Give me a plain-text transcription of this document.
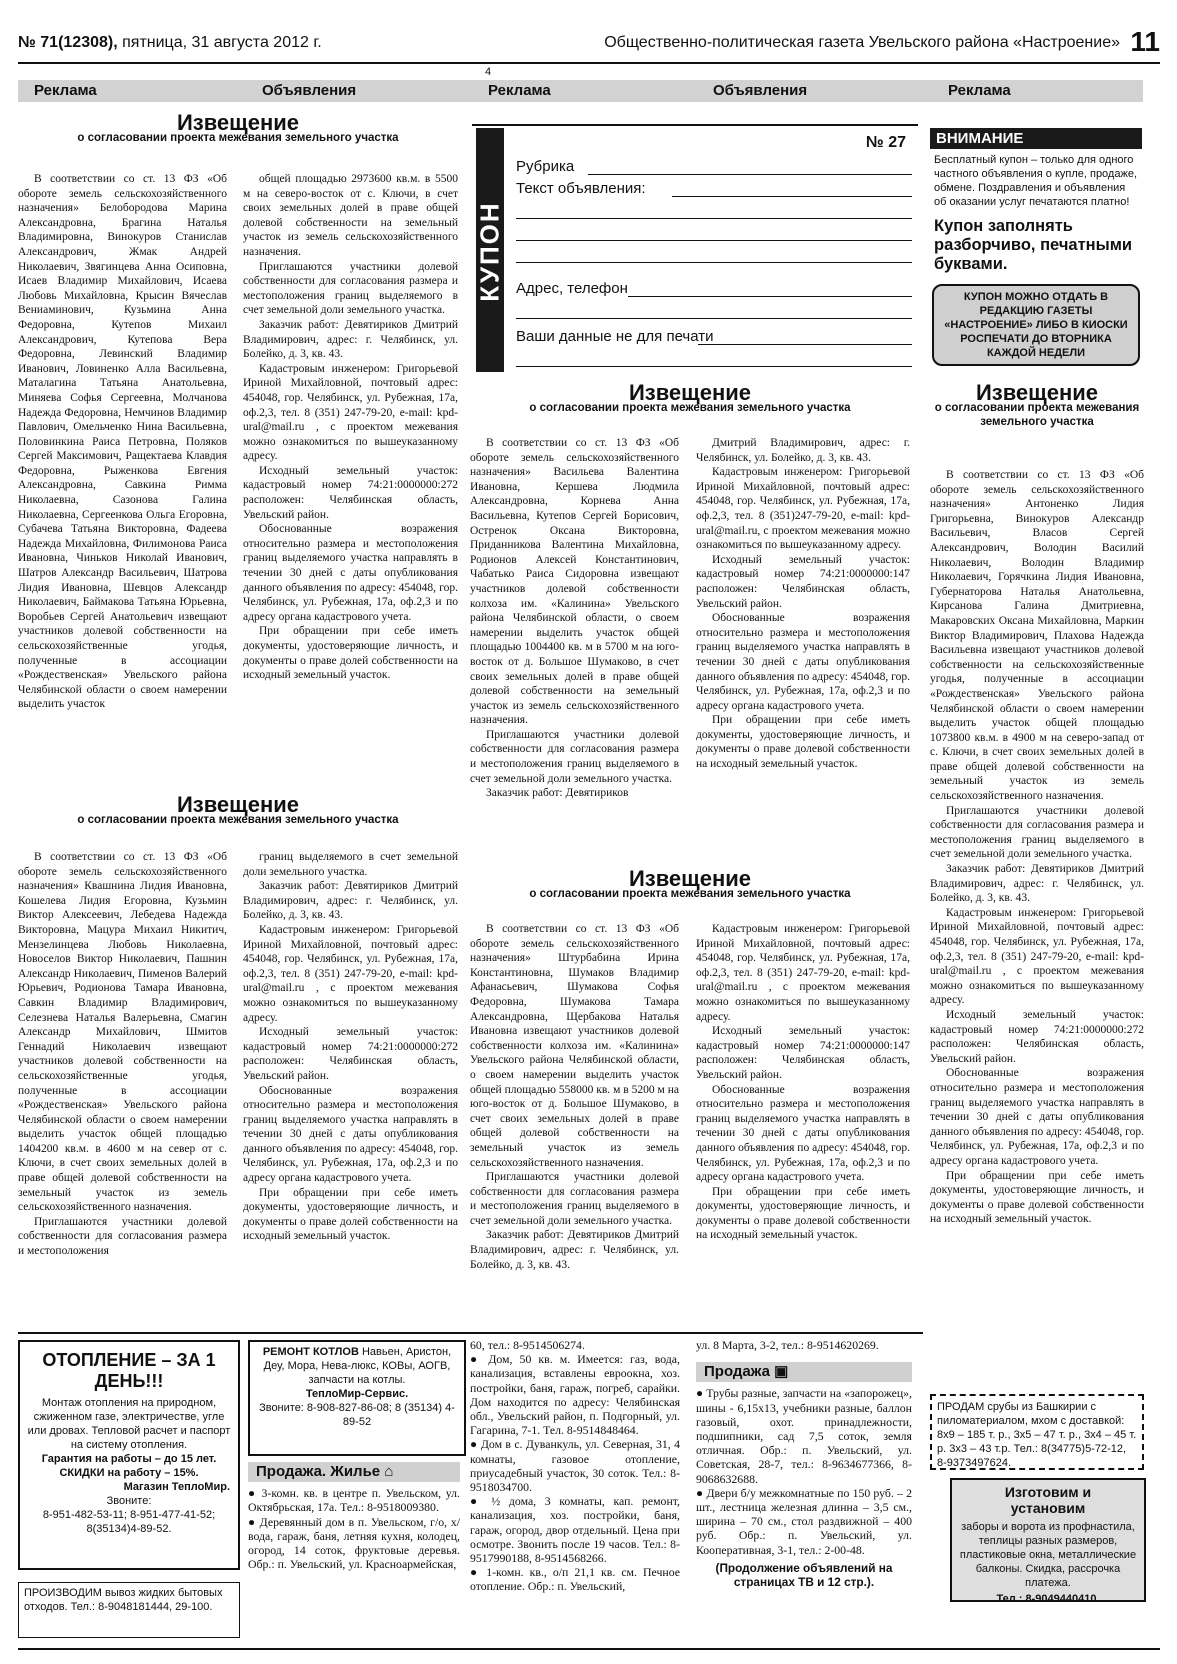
№ 71(12308), пятница, 31 августа 2012 г.	Общественно-политическая газета Увельского района «Настроение» 11
4
Реклама	Объявления	Реклама	Объявления	Реклама
Извещение
о согласовании проекта межевания земельного участка

В соответствии со ст. 13 ФЗ «Об обороте земель сельскохозяйственного назначения» Белобородова Марина Александровна, Брагина Наталья Владимировна, Винокуров Станислав Александрович, Жмак Андрей Николаевич, Звягинцева Анна Осиповна, Исаев Владимир Михайлович, Исаева Любовь Михайловна, Крысин Вячеслав Вениаминович, Кузьмина Анна Федоровна, Кутепов Михаил Александрович, Кутепова Вера Федоровна, Левинский Владимир Иванович, Ловиненко Алла Васильевна, Маталагина Татьяна Анатольевна, Миняева Софья Сергеевна, Молчанова Надежда Федоровна, Немчинов Владимир Павлович, Омельченко Нина Васильевна, Половинкина Раиса Петровна, Поляков Сергей Максимович, Ращектаева Клавдия Федоровна, Рыженкова Евгения Александровна, Савкина Римма Николаевна, Сазонова Галина Николаевна, Сергеенкова Ольга Егоровна, Субачева Татьяна Викторовна, Фадеева Надежда Михайловна, Филимонова Раиса Ивановна, Чиньков Николай Иванович, Шатров Александр Васильевич, Шатрова Лидия Ивановна, Шевцов Александр Николаевич, Баймакова Татьяна Юрьевна, Воробьев Сергей Анатольевич извещают участников долевой собственности на сельскохозяйственные угодья, полученные в ассоциации «Рождественская» Увельского района Челябинской области о своем намерении выделить участок

общей площадью 2973600 кв.м. в 5500 м на северо-восток от с. Ключи, в счет своих земельных долей в праве общей долевой собственности на земельный участок из земель сельскохозяйственного назначения.

Приглашаются участники долевой собственности для согласования размера и местоположения границ выделяемого в счет земельной доли земельного участка.

Заказчик работ: Девятириков Дмитрий Владимирович, адрес: г. Челябинск, ул. Болейко, д. 3, кв. 43.

Кадастровым инженером: Григорьевой Ириной Михайловной, почтовый адрес: 454048, гор. Челябинск, ул. Рубежная, 17а, оф.2,3, тел. 8 (351) 247-79-20, e-mail: kpd-ural@mail.ru , с проектом межевания можно ознакомиться по вышеуказанному адресу.

Исходный земельный участок: кадастровый номер 74:21:0000000:272 расположен: Челябинская область, Увельский район.

Обоснованные возражения относительно размера и местоположения границ выделяемого участка направлять в течении 30 дней с даты опубликования данного объявления по адресу: 454048, гор. Челябинск, ул. Рубежная, 17а, оф.2,3 и по адресу органа кадастрового учета.

При обращении при себе иметь документы, удостоверяющие личность, и документы о праве долей собственности на исходный земельный участок.

Извещение
о согласовании проекта межевания земельного участка

В соответствии со ст. 13 ФЗ «Об обороте земель сельскохозяйственного назначения» Квашнина Лидия Ивановна, Кошелева Лидия Егоровна, Кузьмин Виктор Алексеевич, Лебедева Надежда Викторовна, Мацура Михаил Никитич, Мензелинцева Любовь Николаевна, Новоселов Виктор Николаевич, Пашнин Александр Николаевич, Пименов Валерий Юрьевич, Родионова Тамара Ивановна, Савкин Владимир Владимирович, Селезнева Наталья Валерьевна, Смагин Александр Михайлович, Шмитов Геннадий Николаевич извещают участников долевой собственности на сельскохозяйственные угодья, полученные в ассоциации «Рождественская» Увельского района Челябинской области о своем намерении выделить участок общей площадью 1404200 кв.м. в 4600 м на север от с. Ключи, в счет своих земельных долей в праве общей долевой собственности на земельный участок из земель сельскохозяйственного назначения.

Приглашаются участники долевой собственности для согласования размера и местоположения

границ выделяемого в счет земельной доли земельного участка.

Заказчик работ: Девятириков Дмитрий Владимирович, адрес: г. Челябинск, ул. Болейко, д. 3, кв. 43.

Кадастровым инженером: Григорьевой Ириной Михайловной, почтовый адрес: 454048, гор. Челябинск, ул. Рубежная, 17а, оф.2,3, тел. 8 (351) 247-79-20, e-mail: kpd-ural@mail.ru , с проектом межевания можно ознакомиться по вышеуказанному адресу.

Исходный земельный участок: кадастровый номер 74:21:0000000:272 расположен: Челябинская область, Увельский район.

Обоснованные возражения относительно размера и местоположения границ выделяемого участка направлять в течении 30 дней с даты опубликования данного объявления по адресу: 454048, гор. Челябинск, ул. Рубежная, 17а, оф.2,3 и по адресу органа кадастрового учета.

При обращении при себе иметь документы, удостоверяющие личность, и документы о праве долей собственности на исходный земельный участок.

КУПОН
№ 27
Рубрика
Текст объявления:
Адрес, телефон
Ваши данные не для печати
ВНИМАНИЕ
Бесплатный купон – только для одного частного объявления о купле, продаже, обмене. Поздравления и объявления об оказании услуг печатаются платно!
Купон заполнять разборчиво, печатными буквами.
КУПОН МОЖНО ОТДАТЬ В РЕДАКЦИЮ ГАЗЕТЫ «НАСТРОЕНИЕ» ЛИБО В КИОСКИ РОСПЕЧАТИ ДО ВТОРНИКА КАЖДОЙ НЕДЕЛИ
Извещение
о согласовании проекта межевания земельного участка

В соответствии со ст. 13 ФЗ «Об обороте земель сельскохозяйственного назначения» Васильева Валентина Ивановна, Кершева Людмила Александровна, Корнева Анна Васильевна, Кутепов Сергей Борисович, Остренок Оксана Викторовна, Приданникова Валентина Михайловна, Родионов Алексей Константинович, Чабатько Раиса Сидоровна извещают участников долевой собственности колхоза им. «Калинина» Увельского района Челябинской области, о своем намерении выделить участок общей площадью 1004400 кв. м в 5700 м на юго-восток от д. Большое Шумаково, в счет своих земельных долей в праве общей долевой собственности на земельный участок из земель сельскохозяйственного назначения.

Приглашаются участники долевой собственности для согласования размера и местоположения границ выделяемого в счет земельной доли земельного участка.

Заказчик работ: Девятириков

Дмитрий Владимирович, адрес: г. Челябинск, ул. Болейко, д. 3, кв. 43.

Кадастровым инженером: Григорьевой Ириной Михайловной, почтовый адрес: 454048, гор. Челябинск, ул. Рубежная, 17а, оф.2,3, тел. 8 (351)247-79-20, e-mail: kpd-ural@mail.ru, с проектом межевания можно ознакомиться по вышеуказанному адресу.

Исходный земельный участок: кадастровый номер 74:21:0000000:147 расположен: Челябинская область, Увельский район.

Обоснованные возражения относительно размера и местоположения границ выделяемого участка направлять в течении 30 дней с даты опубликования данного объявления по адресу: 454048, гор. Челябинск, ул. Рубежная, 17а, оф.2,3 и по адресу органа кадастрового учета.

При обращении при себе иметь документы, удостоверяющие личность, и документы о праве долевой собственности на исходный земельный участок.

Извещение
о согласовании проекта межевания земельного участка

В соответствии со ст. 13 ФЗ «Об обороте земель сельскохозяйственного назначения» Штурбабина Ирина Константиновна, Шумаков Владимир Афанасьевич, Шумакова Софья Федоровна, Шумакова Тамара Александровна, Щербакова Наталья Ивановна извещают участников долевой собственности колхоза им. «Калинина» Увельского района Челябинской области, о своем намерении выделить участок общей площадью 558000 кв. м в 5200 м на юго-восток от д. Большое Шумаково, в счет своих земельных долей в праве общей долевой собственности на земельный участок из земель сельскохозяйственного назначения.

Приглашаются участники долевой собственности для согласования размера и местоположения границ выделяемого в счет земельной доли земельного участка.

Заказчик работ: Девятириков Дмитрий Владимирович, адрес: г. Челябинск, ул. Болейко, д. 3, кв. 43.

Кадастровым инженером: Григорьевой Ириной Михайловной, почтовый адрес: 454048, гор. Челябинск, ул. Рубежная, 17а, оф.2,3, тел. 8 (351) 247-79-20, e-mail: kpd-ural@mail.ru , с проектом межевания можно ознакомиться по вышеуказанному адресу.

Исходный земельный участок: кадастровый номер 74:21:0000000:147 расположен: Челябинская область, Увельский район.

Обоснованные возражения относительно размера и местоположения границ выделяемого участка направлять в течении 30 дней с даты опубликования данного объявления по адресу: 454048, гор. Челябинск, ул. Рубежная, 17а, оф.2,3 и по адресу органа кадастрового учета.

При обращении при себе иметь документы, удостоверяющие личность, и документы о праве долевой собственности на исходный земельный участок.

Извещение
о согласовании проекта межевания земельного участка

В соответствии со ст. 13 ФЗ «Об обороте земель сельскохозяйственного назначения» Антоненко Лидия Григорьевна, Винокуров Александр Васильевич, Власов Сергей Александрович, Володин Василий Николаевич, Володин Владимир Николаевич, Горячкина Лидия Ивановна, Губернаторова Наталья Анатольевна, Кирсанова Галина Дмитриевна, Макаровских Оксана Михайловна, Маркин Виктор Владимирович, Плахова Надежда Васильевна извещают участников долевой собственности на сельскохозяйственные угодья, полученные в ассоциации «Рождественская» Увельского района Челябинской области о своем намерении выделить участок общей площадью 1073800 кв.м. в 4900 м на северо-запад от с. Ключи, в счет своих земельных долей в праве общей долевой собственности на земельный участок из земель сельскохозяйственного назначения.

Приглашаются участники долевой собственности для согласования размера и местоположения границ выделяемого в счет земельной доли земельного участка.

Заказчик работ: Девятириков Дмитрий Владимирович, адрес: г. Челябинск, ул. Болейко, д. 3, кв. 43.

Кадастровым инженером: Григорьевой Ириной Михайловной, почтовый адрес: 454048, гор. Челябинск, ул. Рубежная, 17а, оф.2,3, тел. 8 (351) 247-79-20, e-mail: kpd-ural@mail.ru , с проектом межевания можно ознакомиться по вышеуказанному адресу.

Исходный земельный участок: кадастровый номер 74:21:0000000:272 расположен: Челябинская область, Увельский район.

Обоснованные возражения относительно размера и местоположения границ выделяемого участка направлять в течении 30 дней с даты опубликования данного объявления по адресу: 454048, гор. Челябинск, ул. Рубежная, 17а, оф.2,3 и по адресу органа кадастрового учета.

При обращении при себе иметь документы, удостоверяющие личность, и документы о праве долевой собственности на исходный земельный участок.

ОТОПЛЕНИЕ – ЗА 1 ДЕНЬ!!!
Монтаж отопления на природном, сжиженном газе, электричестве, угле или дровах. Тепловой расчет и паспорт на систему отопления.
Гарантия на работы – до 15 лет.
СКИДКИ на работу – 15%.
Магазин ТеплоМир.
Звоните:
8-951-482-53-11; 8-951-477-41-52; 8(35134)4-89-52.
ПРОИЗВОДИМ вывоз жидких бытовых отходов. Тел.: 8-9048181444, 29-100.
РЕМОНТ КОТЛОВ Навьен, Аристон, Деу, Мора, Нева-люкс, КОВы, АОГВ, запчасти на котлы.
ТеплоМир-Сервис.
Звоните: 8-908-827-86-08; 8 (35134) 4-89-52
Продажа. Жилье ⌂

● 3-комн. кв. в центре п. Увельском, ул. Октябрьская, 17а. Тел.: 8-9518009380.

● Деревянный дом в п. Увельском, г/о, х/вода, гараж, баня, летняя кухня, колодец, огород, 14 соток, фруктовые деревья. Обр.: п. Увельский, ул. Красноармейская,

60, тел.: 8-9514506274.

● Дом, 50 кв. м. Имеется: газ, вода, канализация, вставлены евроокна, хоз. постройки, баня, гараж, погреб, сарайки. Дом находится по адресу: Челябинская обл., Увельский район, п. Подгорный, ул. Гагарина, 7-1. Тел. 8-9514848464.

● Дом в с. Дуванкуль, ул. Северная, 31, 4 комнаты, газовое отопление, приусадебный участок, 30 соток. Тел.: 8-9518034700.

● ½ дома, 3 комнаты, кап. ремонт, канализация, хоз. постройки, баня, гараж, огород, двор отдельный. Цена при осмотре. Звонить после 19 часов. Тел.: 8-9517990188, 8-9514568266.

● 1-комн. кв., о/п 21,1 кв. см. Печное отопление. Обр.: п. Увельский,

ул. 8 Марта, 3-2, тел.: 8-9514620269.

Продажа ▣

● Трубы разные, запчасти на «запорожец», шины - 6,15х13, учебники разные, баллон газовый, охот. принадлежности, подшипники, сад 7,5 соток, земля отличная. Обр.: п. Увельский, ул. Советская, 28-7, тел.: 8-9634677366, 8-9068632688.

● Двери б/у межкомнатные по 150 руб. – 2 шт., лестница железная длинна – 3,5 см., ширина – 70 см., стол раздвижной – 400 руб. Обр.: п. Увельский, ул. Кооперативная, 3-1, тел.: 2-00-48.

(Продолжение объявлений на страницах ТВ и 12 стр.).

ПРОДАМ срубы из Башкирии с пиломатериалом, мхом с доставкой: 8х9 – 185 т. р., 3х5 – 47 т. р., 3х4 – 45 т. р. 3х3 – 43 т.р. Тел.: 8(34775)5-72-12, 8-9373497624.
Изготовим и установим
заборы и ворота из профнастила, теплицы разных размеров, пластиковые окна, металлические балконы. Скидка, рассрочка платежа.
Тел.: 8-9049440410.
